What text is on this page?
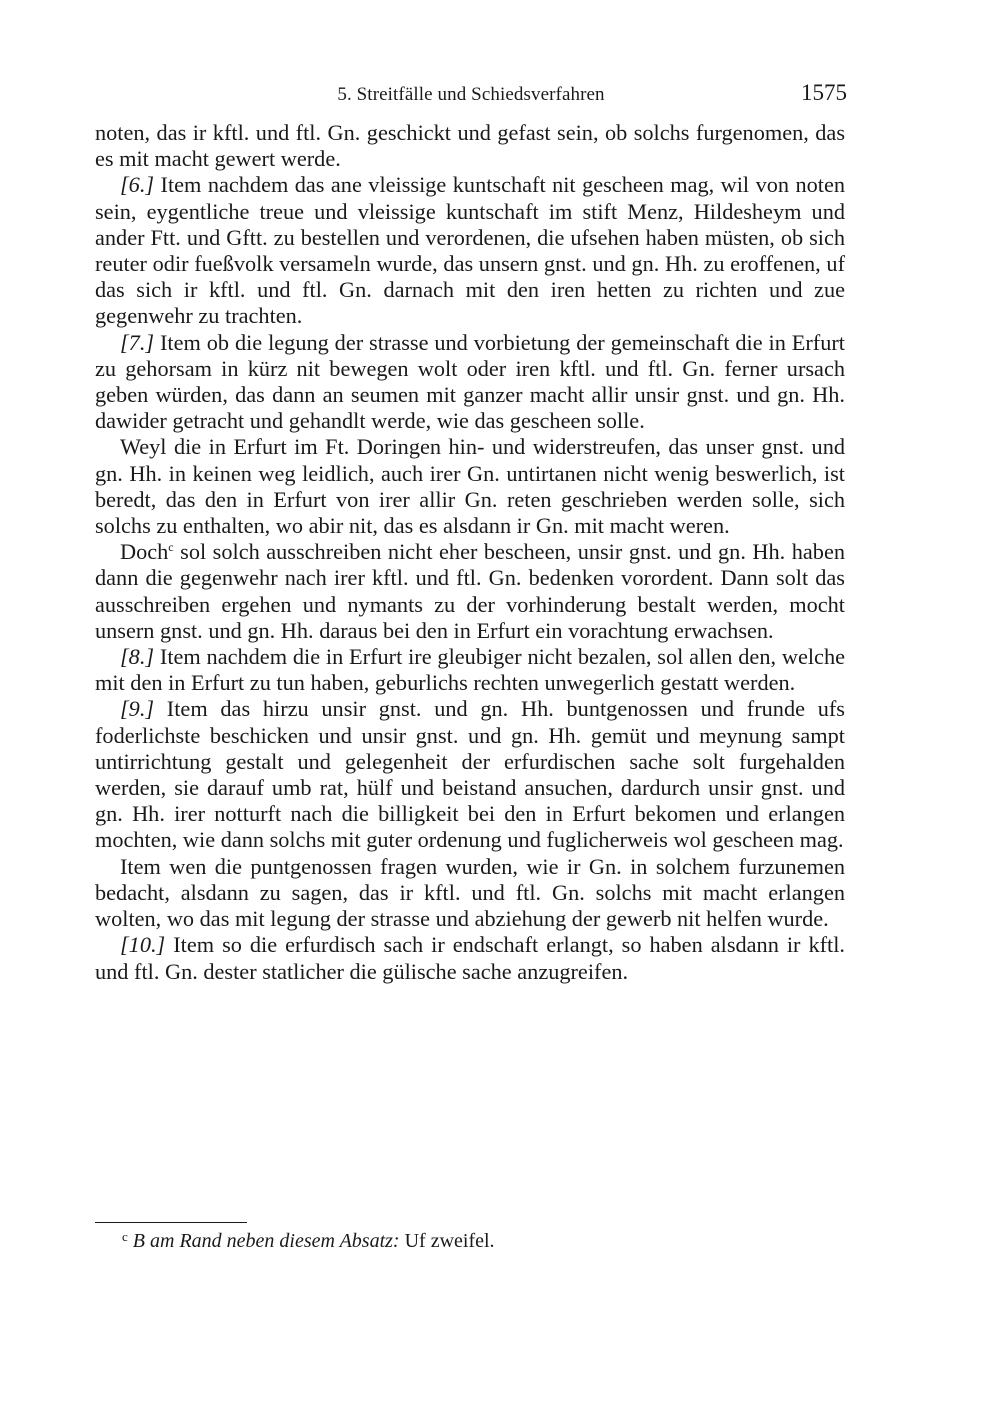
5. Streitfälle und Schiedsverfahren	1575

noten, das ir kftl. und ftl. Gn. geschickt und gefast sein, ob solchs furgenomen, das es mit macht gewert werde.

[6.] Item nachdem das ane vleissige kuntschaft nit gescheen mag, wil von noten sein, eygentliche treue und vleissige kuntschaft im stift Menz, Hildesheym und ander Ftt. und Gftt. zu bestellen und verordenen, die ufsehen haben müsten, ob sich reuter odir fueßvolk versameln wurde, das unsern gnst. und gn. Hh. zu eroffenen, uf das sich ir kftl. und ftl. Gn. darnach mit den iren hetten zu richten und zue gegenwehr zu trachten.

[7.] Item ob die legung der strasse und vorbietung der gemeinschaft die in Erfurt zu gehorsam in kürz nit bewegen wolt oder iren kftl. und ftl. Gn. ferner ursach geben würden, das dann an seumen mit ganzer macht allir unsir gnst. und gn. Hh. dawider getracht und gehandlt werde, wie das gescheen solle.

Weyl die in Erfurt im Ft. Doringen hin- und widerstreufen, das unser gnst. und gn. Hh. in keinen weg leidlich, auch irer Gn. untirtanen nicht wenig beswerlich, ist beredt, das den in Erfurt von irer allir Gn. reten geschrieben werden solle, sich solchs zu enthalten, wo abir nit, das es alsdann ir Gn. mit macht weren.

Doch$^c$ sol solch ausschreiben nicht eher bescheen, unsir gnst. und gn. Hh. haben dann die gegenwehr nach irer kftl. und ftl. Gn. bedenken vorordent. Dann solt das ausschreiben ergehen und nymants zu der vorhinderung bestalt werden, mocht unsern gnst. und gn. Hh. daraus bei den in Erfurt ein vorachtung erwachsen.

[8.] Item nachdem die in Erfurt ire gleubiger nicht bezalen, sol allen den, welche mit den in Erfurt zu tun haben, geburlichs rechten unwegerlich gestatt werden.

[9.] Item das hirzu unsir gnst. und gn. Hh. buntgenossen und frunde ufs foderlichste beschicken und unsir gnst. und gn. Hh. gemüt und meynung sampt untirrichtung gestalt und gelegenheit der erfurdischen sache solt furgehalden werden, sie darauf umb rat, hülf und beistand ansuchen, dardurch unsir gnst. und gn. Hh. irer notturft nach die billigkeit bei den in Erfurt bekomen und erlangen mochten, wie dann solchs mit guter ordenung und fuglicherweis wol gescheen mag.

Item wen die puntgenossen fragen wurden, wie ir Gn. in solchem furzunemen bedacht, alsdann zu sagen, das ir kftl. und ftl. Gn. solchs mit macht erlangen wolten, wo das mit legung der strasse und abziehung der gewerb nit helfen wurde.

[10.] Item so die erfurdisch sach ir endschaft erlangt, so haben alsdann ir kftl. und ftl. Gn. dester statlicher die gülische sache anzugreifen.

$^c$ B am Rand neben diesem Absatz: Uf zweifel.
